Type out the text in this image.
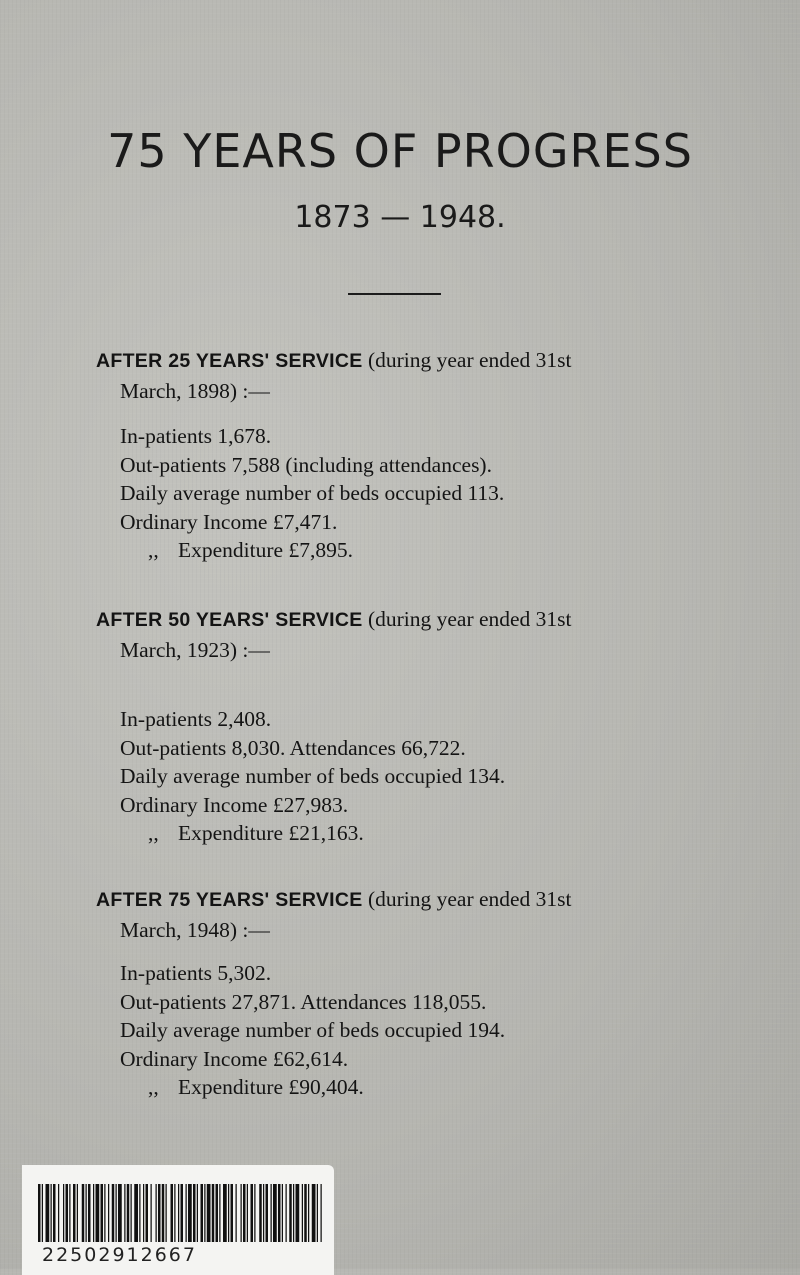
75 YEARS OF PROGRESS

1873 — 1948.

AFTER 25 YEARS' SERVICE (during year ended 31st
March, 1898) :—

In-patients 1,678.
Out-patients 7,588 (including attendances).
Daily average number of beds occupied 113.
Ordinary Income £7,471.
,, Expenditure £7,895.

AFTER 50 YEARS' SERVICE (during year ended 31st
March, 1923) :—

In-patients 2,408.
Out-patients 8,030. Attendances 66,722.
Daily average number of beds occupied 134.
Ordinary Income £27,983.
,, Expenditure £21,163.

AFTER 75 YEARS' SERVICE (during year ended 31st
March, 1948) :—

In-patients 5,302.
Out-patients 27,871. Attendances 118,055.
Daily average number of beds occupied 194.
Ordinary Income £62,614.
,, Expenditure £90,404.
22502912667
